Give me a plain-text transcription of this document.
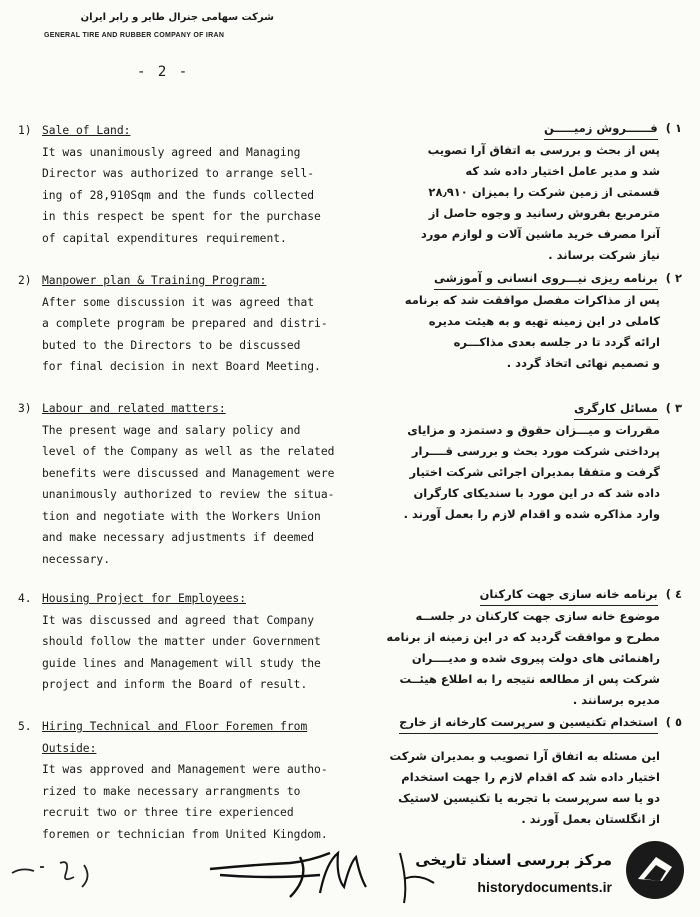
شرکت سهامی جنرال طایر و رابر ایران
GENERAL TIRE AND RUBBER COMPANY OF IRAN
- 2 -
1) Sale of Land:
It was unanimously agreed and Managing
Director was authorized to arrange sell-
ing of 28,910Sqm and the funds collected
in this respect be spent for the purchase
of capital expenditures requirement.
2) Manpower plan & Training Program:
After some discussion it was agreed that
a complete program be prepared and distri-
buted to the Directors to be discussed
for final decision in next Board Meeting.
3) Labour and related matters:
The present wage and salary policy and
level of the Company as well as the related
benefits were discussed and Management were
unanimously authorized to review the situa-
tion and negotiate with the Workers Union
and make necessary adjustments if deemed
necessary.
4. Housing Project for Employees:
It was discussed and agreed that Company
should follow the matter under Government
guide lines and Management will study the
project and inform the Board of result.
5. Hiring Technical and Floor Foremen from
Outside:
It was approved and Management were autho-
rized to make necessary arrangments to
recruit two or three tire experienced
foremen or technician from United Kingdom.
١ )
فــــــروش زمیـــــن
پس از بحث و بررسی به اتفاق آرا تصویب
شد و مدیر عامل اختیار داده شد که
قسمتی از زمین شرکت را بمیزان ۲۸٫۹۱۰
مترمربع بفروش رسانید و وجوه حاصل از
آنرا مصرف خرید ماشین آلات و لوازم مورد
نیاز شرکت برساند .
٢ )
برنامه ریزی نیـــروی انسانی و آموزشی
پس از مذاکرات مفصل موافقت شد که برنامه
کاملی در این زمینه تهیه و به هیئت مدیره
ارائه گردد تا در جلسه بعدی مذاکـــره
و تصمیم نهائی اتخاذ گردد .
٣ )
مسائل کارگری
مقررات و میـــزان حقوق و دستمزد و مزایای
پرداختی شرکت مورد بحث و بررسی قــــرار
گرفت و متفقا بمدیران اجرائی شرکت اختیار
داده شد که در این مورد با سندیکای کارگران
وارد مذاکره شده و اقدام لازم را بعمل آورند .
٤ )
برنامه خانه سازی جهت کارکنان
موضوع خانه سازی جهت کارکنان در جلســه
مطرح و موافقت گردید که در این زمینه از برنامه
راهنمائی های دولت پیروی شده و مدیــــران
شرکت پس از مطالعه نتیجه را به اطلاع هیئــت
مدیره برسانند .
٥ )
استخدام تکنیسین و سرپرست کارخانه از خارج
این مسئله به اتفاق آرا تصویب و بمدیران شرکت
اختیار داده شد که اقدام لازم را جهت استخدام
دو یا سه سرپرست با تجربه یا تکنیسین لاستیک
از انگلستان بعمل آورند .
مرکز بررسی اسناد تاریخی
historydocuments.ir
